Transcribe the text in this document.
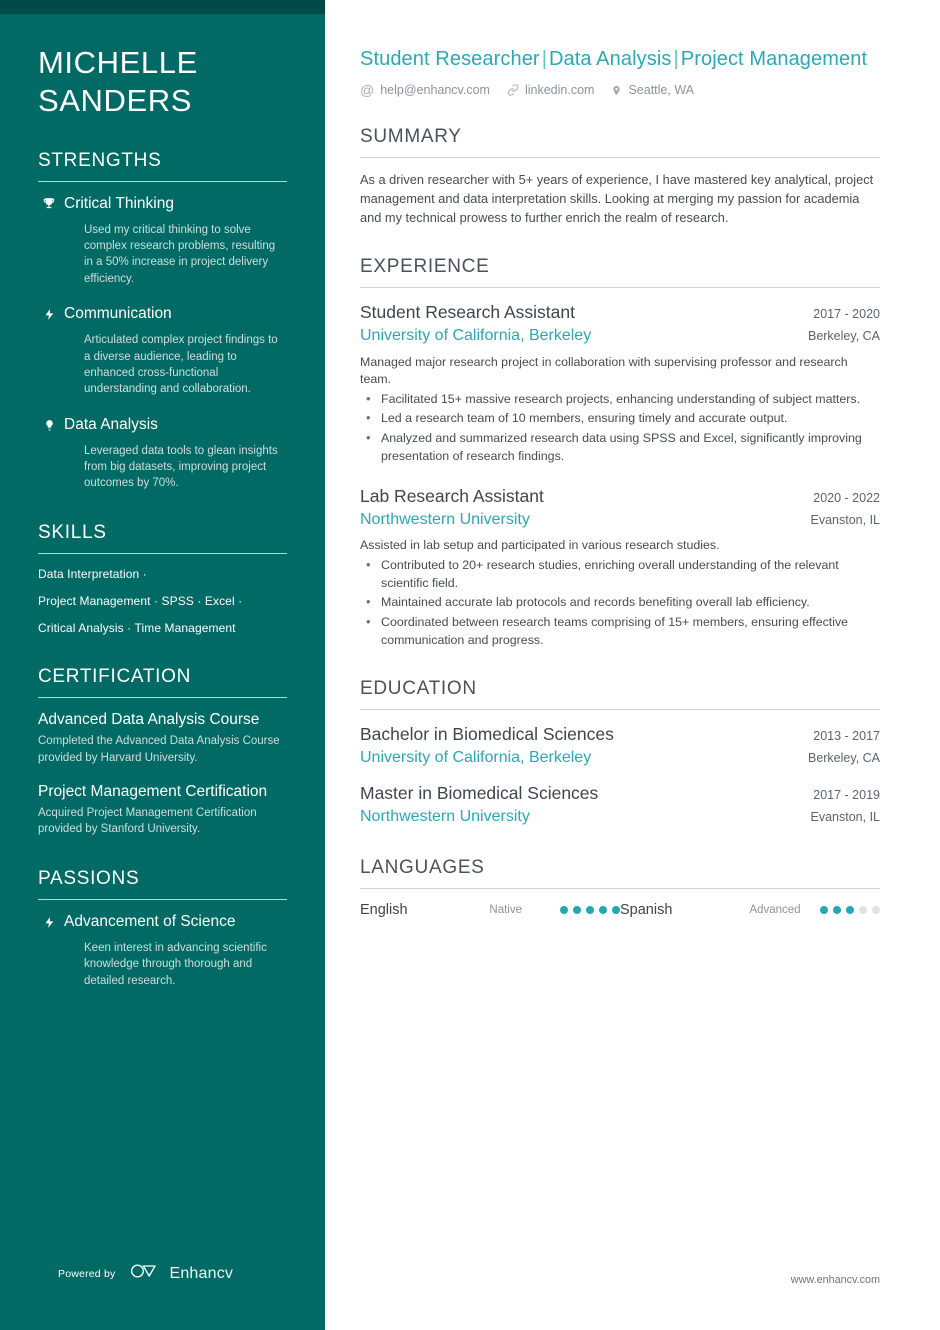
MICHELLE
SANDERS
STRENGTHS
Critical Thinking
Used my critical thinking to solve complex research problems, resulting in a 50% increase in project delivery efficiency.
Communication
Articulated complex project findings to a diverse audience, leading to enhanced cross-functional understanding and collaboration.
Data Analysis
Leveraged data tools to glean insights from big datasets, improving project outcomes by 70%.
SKILLS
Data Interpretation ·
Project Management · SPSS · Excel ·
Critical Analysis · Time Management
CERTIFICATION
Advanced Data Analysis Course
Completed the Advanced Data Analysis Course provided by Harvard University.
Project Management Certification
Acquired Project Management Certification provided by Stanford University.
PASSIONS
Advancement of Science
Keen interest in advancing scientific knowledge through thorough and detailed research.
Powered by	Enhancv
Student Researcher | Data Analysis | Project Management
@ help@enhancv.com	linkedin.com	Seattle, WA
SUMMARY

As a driven researcher with 5+ years of experience, I have mastered key analytical, project management and data interpretation skills. Looking at merging my passion for academia and my technical prowess to further enrich the realm of research.

EXPERIENCE
Student Research Assistant	2017 - 2020
University of California, Berkeley	Berkeley, CA

Managed major research project in collaboration with supervising professor and research team.

• Facilitated 15+ massive research projects, enhancing understanding of subject matters.
• Led a research team of 10 members, ensuring timely and accurate output.
• Analyzed and summarized research data using SPSS and Excel, significantly improving presentation of research findings.
Lab Research Assistant	2020 - 2022
Northwestern University	Evanston, IL

Assisted in lab setup and participated in various research studies.

• Contributed to 20+ research studies, enriching overall understanding of the relevant scientific field.
• Maintained accurate lab protocols and records benefiting overall lab efficiency.
• Coordinated between research teams comprising of 15+ members, ensuring effective communication and progress.
EDUCATION
Bachelor in Biomedical Sciences	2013 - 2017
University of California, Berkeley	Berkeley, CA
Master in Biomedical Sciences	2017 - 2019
Northwestern University	Evanston, IL
LANGUAGES
English	Native	Spanish	Advanced
www.enhancv.com
